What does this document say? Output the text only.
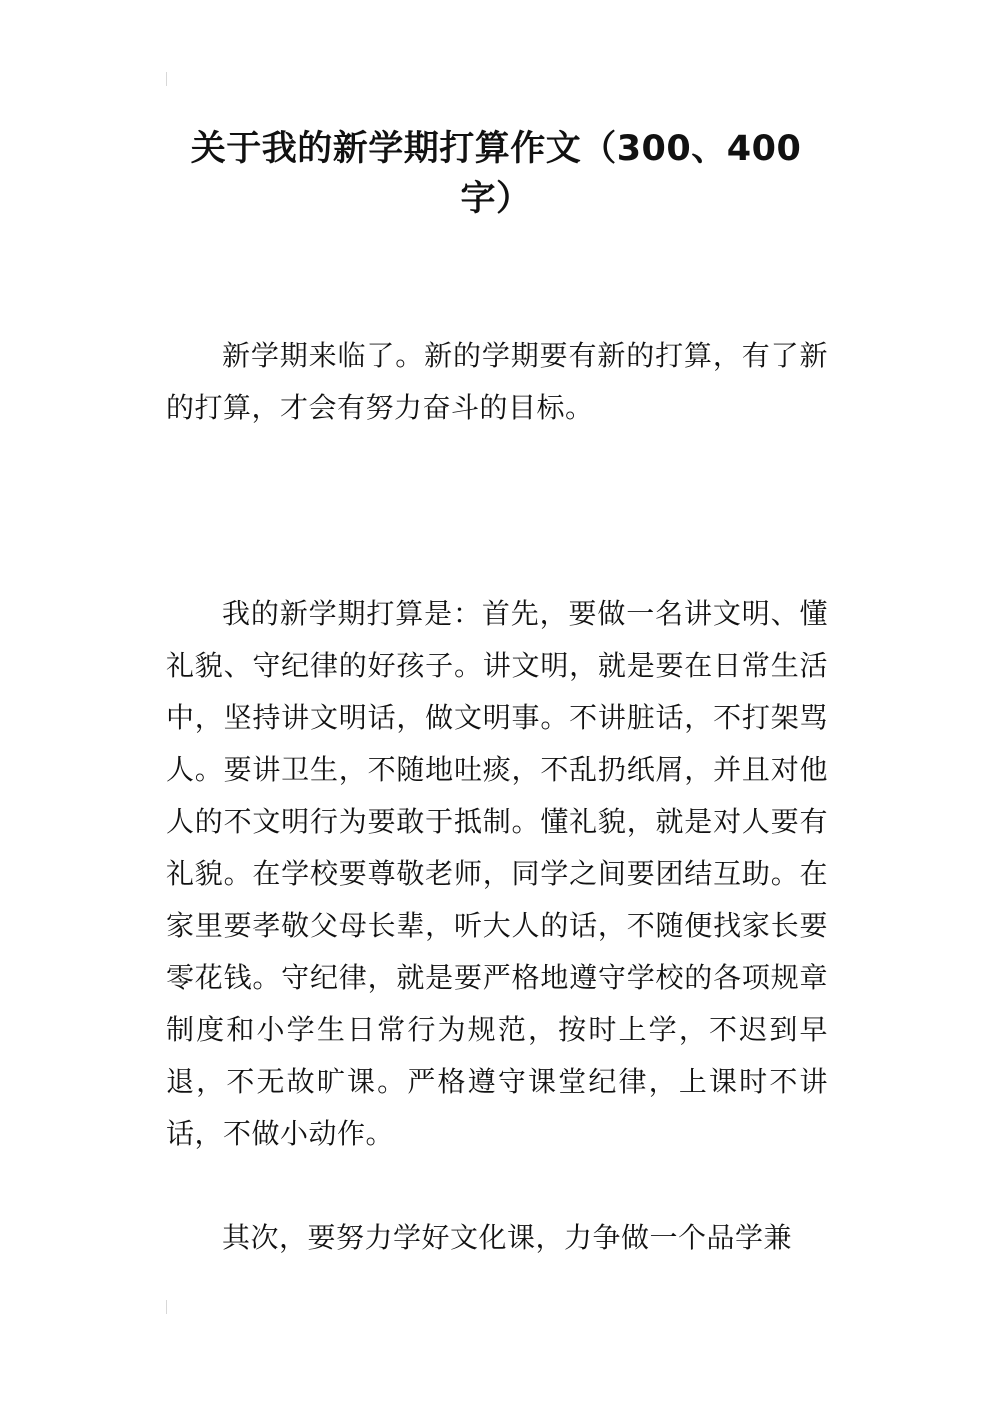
关于我的新学期打算作文（300、400字）

新学期来临了。新的学期要有新的打算，有了新的打算，才会有努力奋斗的目标。

我的新学期打算是：首先，要做一名讲文明、懂礼貌、守纪律的好孩子。讲文明，就是要在日常生活中，坚持讲文明话，做文明事。不讲脏话，不打架骂人。要讲卫生，不随地吐痰，不乱扔纸屑，并且对他人的不文明行为要敢于抵制。懂礼貌，就是对人要有礼貌。在学校要尊敬老师，同学之间要团结互助。在家里要孝敬父母长辈，听大人的话，不随便找家长要零花钱。守纪律，就是要严格地遵守学校的各项规章制度和小学生日常行为规范，按时上学，不迟到早退，不无故旷课。严格遵守课堂纪律，上课时不讲话，不做小动作。

其次，要努力学好文化课，力争做一个品学兼
